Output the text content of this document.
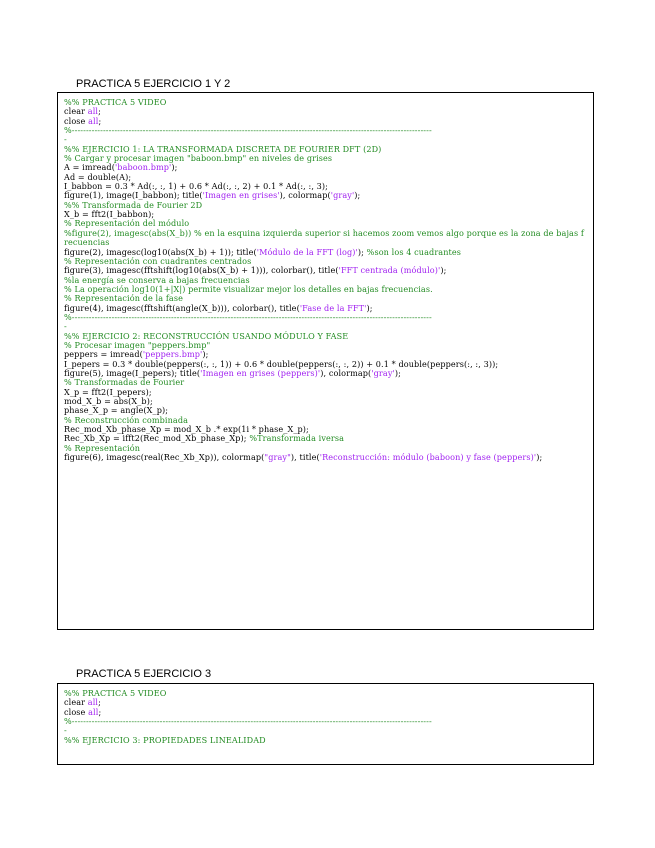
PRACTICA 5 EJERCICIO 1 Y 2
%% PRACTICA 5 VIDEO
clear all;
close all;
%-------------------------------------------------------------------------------------------------------------------------------
-
%% EJERCICIO 1: LA TRANSFORMADA DISCRETA DE FOURIER DFT (2D)
% Cargar y procesar imagen "baboon.bmp" en niveles de grises
A = imread('baboon.bmp');
Ad = double(A);
I_babbon = 0.3 * Ad(:, :, 1) + 0.6 * Ad(:, :, 2) + 0.1 * Ad(:, :, 3);
figure(1), image(I_babbon); title('Imagen en grises'), colormap('gray');
%% Transformada de Fourier 2D
X_b = fft2(I_babbon);
% Representación del módulo
%figure(2), imagesc(abs(X_b)) % en la esquina izquierda superior si hacemos zoom vemos algo porque es la zona de bajas frecuencias
figure(2), imagesc(log10(abs(X_b) + 1)); title('Módulo de la FFT (log)'); %son los 4 cuadrantes
% Representación con cuadrantes centrados
figure(3), imagesc(fftshift(log10(abs(X_b) + 1))), colorbar(), title('FFT centrada (módulo)');
%la energía se conserva a bajas frecuencias
% La operación log10(1+|X|) permite visualizar mejor los detalles en bajas frecuencias.
% Representación de la fase
figure(4), imagesc(fftshift(angle(X_b))), colorbar(), title('Fase de la FFT');
%-------------------------------------------------------------------------------------------------------------------------------
-
%% EJERCICIO 2: RECONSTRUCCIÓN USANDO MÓDULO Y FASE
% Procesar imagen "peppers.bmp"
peppers = imread('peppers.bmp');
I_pepers = 0.3 * double(peppers(:, :, 1)) + 0.6 * double(peppers(:, :, 2)) + 0.1 * double(peppers(:, :, 3));
figure(5), image(I_pepers); title('Imagen en grises (peppers)'), colormap('gray');
% Transformadas de Fourier
X_p = fft2(I_pepers);
mod_X_b = abs(X_b);
phase_X_p = angle(X_p);
% Reconstrucción combinada
Rec_mod_Xb_phase_Xp = mod_X_b .* exp(1i * phase_X_p);
Rec_Xb_Xp = ifft2(Rec_mod_Xb_phase_Xp); %Transformada iversa
% Representación
figure(6), imagesc(real(Rec_Xb_Xp)), colormap("gray"), title('Reconstrucción: módulo (baboon) y fase (peppers)');
PRACTICA 5 EJERCICIO 3
%% PRACTICA 5 VIDEO
clear all;
close all;
%-------------------------------------------------------------------------------------------------------------------------------
-
%% EJERCICIO 3: PROPIEDADES LINEALIDAD
